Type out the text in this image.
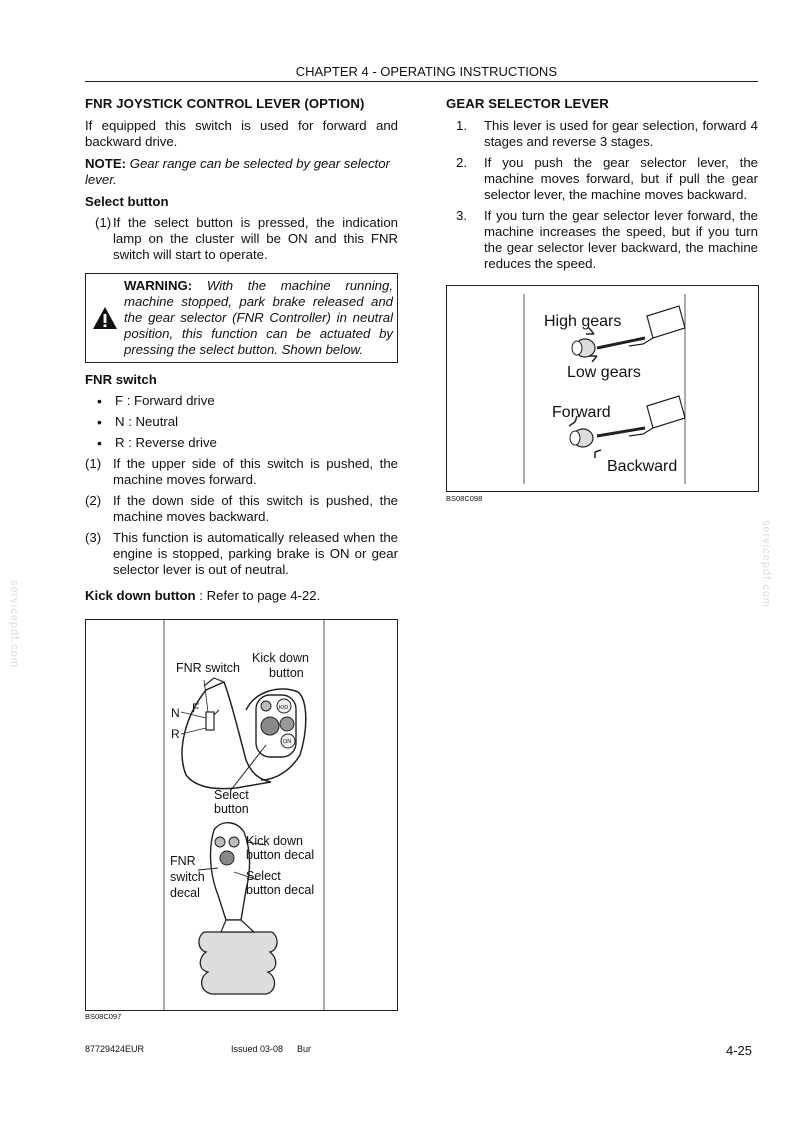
CHAPTER 4 - OPERATING INSTRUCTIONS
servicepdf.com
servicepdf.com
FNR JOYSTICK CONTROL LEVER (OPTION)

If equipped this switch is used for forward and backward drive.

NOTE: Gear range can be selected by gear selector lever.

Select button
(1) If the select button is pressed, the indication lamp on the cluster will be ON and this FNR switch will start to operate.
WARNING: With the machine running, machine stopped, park brake released and the gear selector (FNR Controller) in neutral position, this function can be actuated by pressing the select button. Shown below.
FNR switch
• F : Forward drive
• N : Neutral
• R : Reverse drive
(1) If the upper side of this switch is pushed, the machine moves forward.
(2) If the down side of this switch is pushed, the machine moves backward.
(3) This function is automatically released when the engine is stopped, parking brake is ON or gear selector lever is out of neutral.

Kick down button : Refer to page 4-22.

GEAR SELECTOR LEVER
1.	This lever is used for gear selection, forward 4 stages and reverse 3 stages.
2.	If you push the gear selector lever, the machine moves forward, but if pull the gear selector lever, the machine moves backward.
3.	If you turn the gear selector lever forward, the machine increases the speed, but if you turn the gear selector lever backward, the machine reduces the speed.
K/D
ON
FNR switch
Kick down
button
N F
R
Select
button
Kick down
button decal
FNR
switch
decal
Select
button decal
BS08C097
High gears
Low gears
Forward
Backward
BS08C098
87729424EUR	Issued 03-08 Bur	4-25
